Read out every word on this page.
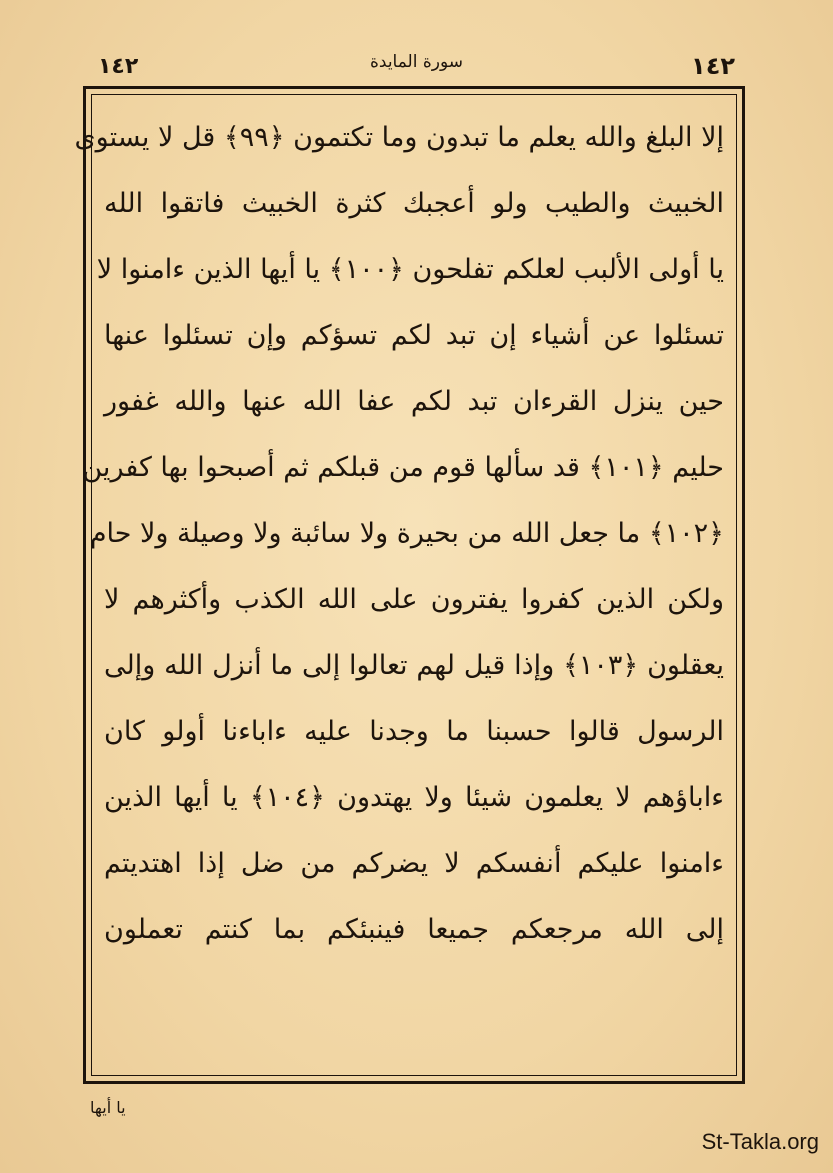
١٤٢	سورة المايدة	١٤٢
إلا البلغ والله يعلم ما تبدون وما تكتمون ﴿٩٩﴾ قل لا يستوى
الخبيث والطيب ولو أعجبك كثرة الخبيث فاتقوا الله
يا أولى الألبب لعلكم تفلحون ﴿١٠٠﴾ يا أيها الذين ءامنوا لا
تسئلوا عن أشياء إن تبد لكم تسؤكم وإن تسئلوا عنها
حين ينزل القرءان تبد لكم عفا الله عنها والله غفور
حليم ﴿١٠١﴾ قد سألها قوم من قبلكم ثم أصبحوا بها كفرين
﴿١٠٢﴾ ما جعل الله من بحيرة ولا سائبة ولا وصيلة ولا حام
ولكن الذين كفروا يفترون على الله الكذب وأكثرهم لا
يعقلون ﴿١٠٣﴾ وإذا قيل لهم تعالوا إلى ما أنزل الله وإلى
الرسول قالوا حسبنا ما وجدنا عليه ءاباءنا أولو كان
ءاباؤهم لا يعلمون شيئا ولا يهتدون ﴿١٠٤﴾ يا أيها الذين
ءامنوا عليكم أنفسكم لا يضركم من ضل إذا اهتديتم
إلى الله مرجعكم جميعا فينبئكم بما كنتم تعملون
يا أيها
St-Takla.org
